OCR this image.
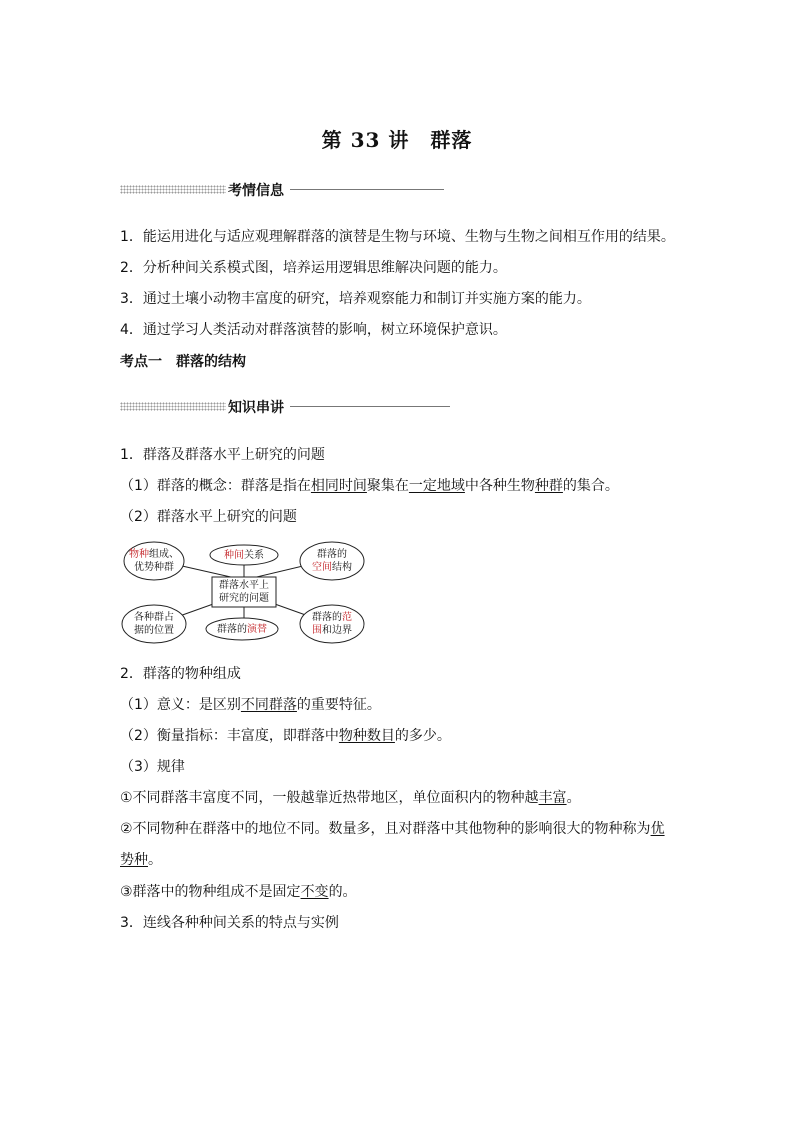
第 33 讲　群落
考情信息
1．能运用进化与适应观理解群落的演替是生物与环境、生物与生物之间相互作用的结果。
2．分析种间关系模式图，培养运用逻辑思维解决问题的能力。
3．通过土壤小动物丰富度的研究，培养观察能力和制订并实施方案的能力。
4．通过学习人类活动对群落演替的影响，树立环境保护意识。
考点一　群落的结构
知识串讲
1．群落及群落水平上研究的问题
（1）群落的概念：群落是指在相同时间聚集在一定地域中各种生物种群的集合。
（2）群落水平上研究的问题
群落水平上
研究的问题
物种组成、
优势种群
种间关系	群落的
空间结构
各种群占
据的位置	群落的演替
群落的范
围和边界
2．群落的物种组成
（1）意义：是区别不同群落的重要特征。
（2）衡量指标：丰富度，即群落中物种数目的多少。
（3）规律
①不同群落丰富度不同，一般越靠近热带地区，单位面积内的物种越丰富。
②不同物种在群落中的地位不同。数量多，且对群落中其他物种的影响很大的物种称为优
势种。
③群落中的物种组成不是固定不变的。
3．连线各种种间关系的特点与实例
